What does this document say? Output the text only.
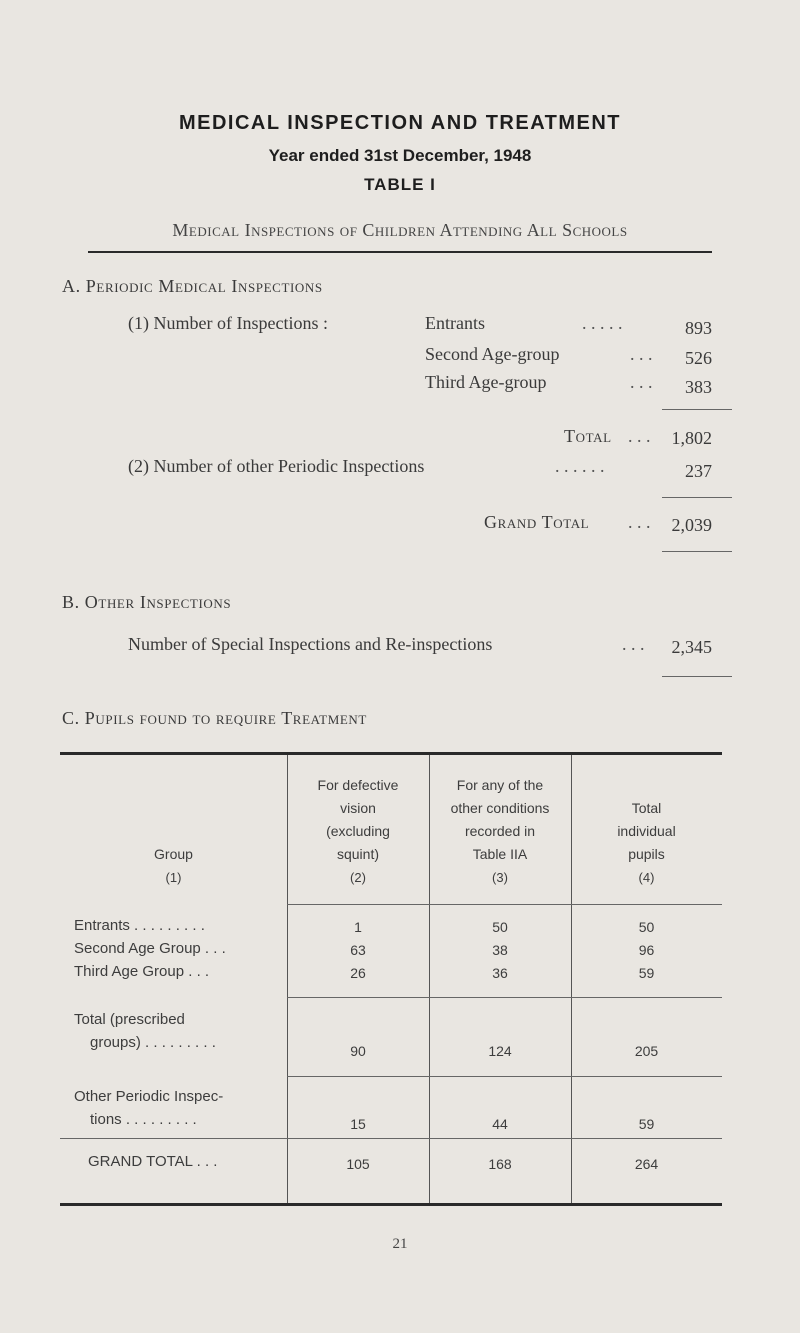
MEDICAL INSPECTION AND TREATMENT
Year ended 31st December, 1948
TABLE I
Medical Inspections of Children Attending All Schools
A. Periodic Medical Inspections
(1) Number of Inspections :	Entrants	. . . . .	893
Second Age-group	. . .	526
Third Age-group	. . .	383
Total . . .	1,802
(2) Number of other Periodic Inspections	. . . . . .	237
Grand Total . . .	2,039
B. Other Inspections
Number of Special Inspections and Re-inspections	. . .	2,345
C. Pupils found to require Treatment
Group
(1)
For defective
vision
(excluding
squint)
(2)
For any of the
other conditions
recorded in
Table IIA
(3)
Total
individual
pupils
(4)
Entrants . . . . . . . . .	1	50	50
Second Age Group . . .	63	38	96
Third Age Group . . .	26	36	59
Total (prescribed
groups) . . . . . . . . .	90	124	205
Other Periodic Inspec-
tions . . . . . . . . .	15	44	59
GRAND TOTAL . . .	105	168	264
21
